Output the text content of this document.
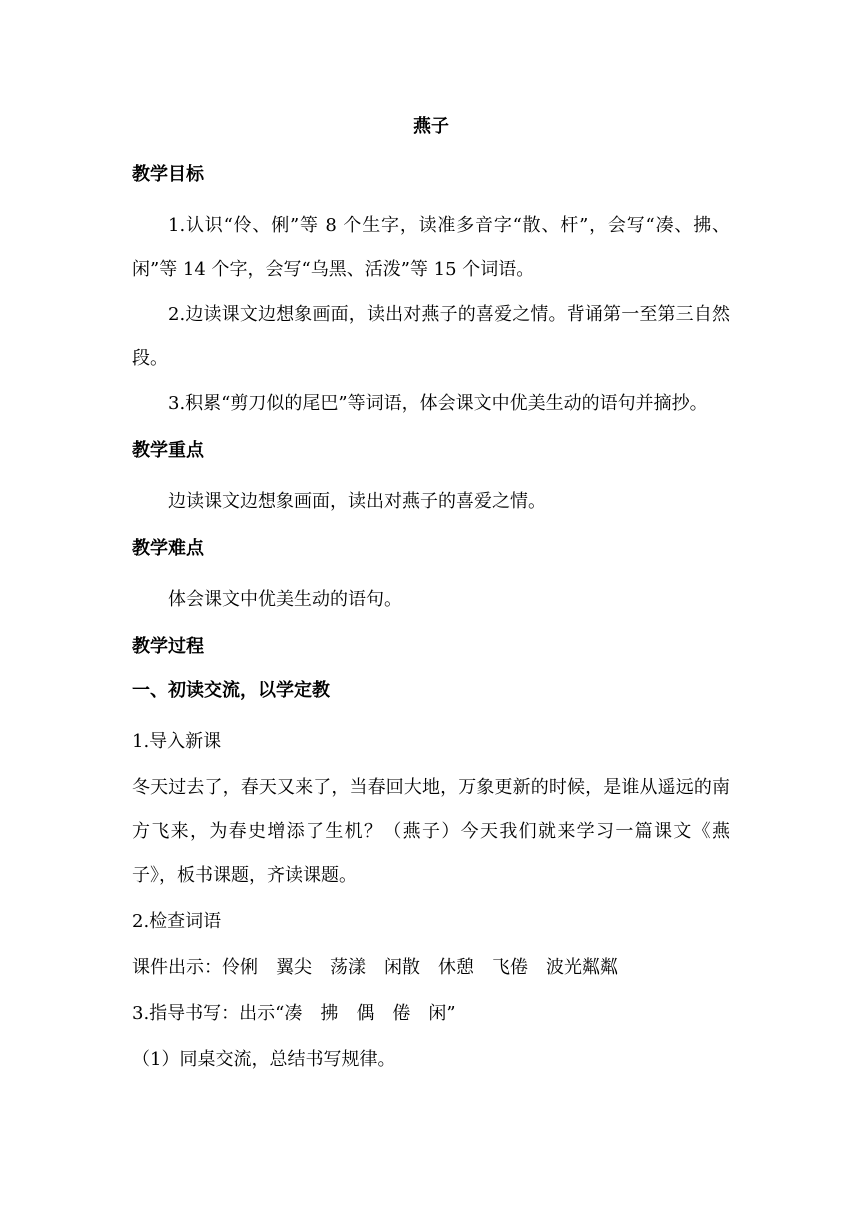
燕子
教学目标

1.认识“伶、俐”等 8 个生字，读准多音字“散、杆”，会写“凑、拂、闲”等 14 个字，会写“乌黑、活泼”等 15 个词语。

2.边读课文边想象画面，读出对燕子的喜爱之情。背诵第一至第三自然段。

3.积累“剪刀似的尾巴”等词语，体会课文中优美生动的语句并摘抄。

教学重点

边读课文边想象画面，读出对燕子的喜爱之情。

教学难点

体会课文中优美生动的语句。

教学过程
一、初读交流，以学定教

1.导入新课

冬天过去了，春天又来了，当春回大地，万象更新的时候，是谁从遥远的南方飞来，为春史增添了生机？（燕子）今天我们就来学习一篇课文《燕子》，板书课题，齐读课题。

2.检查词语

课件出示：伶俐　翼尖　荡漾　闲散　休憩　飞倦　波光粼粼

3.指导书写：出示“凑　拂　偶　倦　闲”

（1）同桌交流，总结书写规律。
